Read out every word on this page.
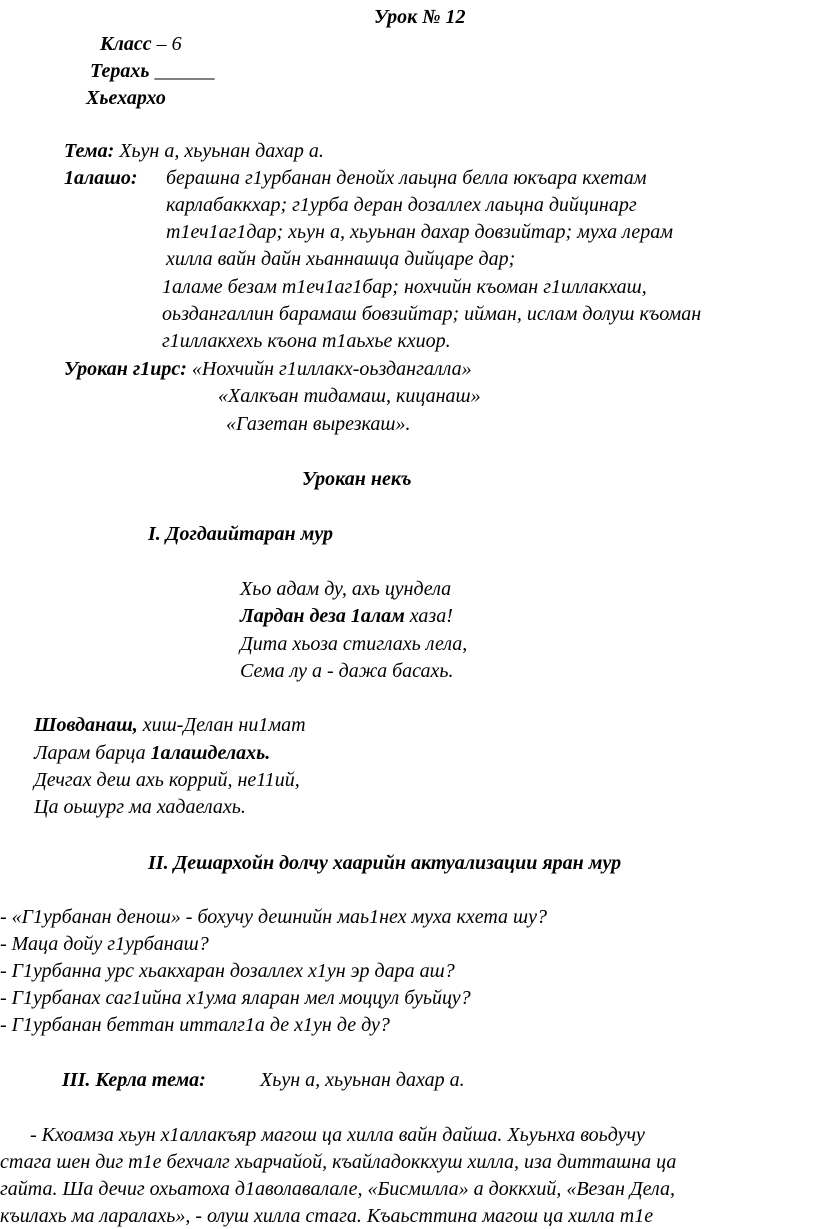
Урок № 12
Класс – 6
Терахь ______
Хьехархо
Тема: Хьун а, хьуьнан дахар а.
1алашо: берашна г1урбанан денойх лаьцна белла юкъара кхетам
карлабаккхар; г1урба деран дозаллех лаьцна дийцинарг
т1еч1аг1дар; хьун а, хьуьнан дахар довзийтар; муха лерам
хилла вайн дайн хьаннашца дийцаре дар;
1аламе безам т1еч1аг1бар; нохчийн къоман г1иллакхаш,
оьздангаллин барамаш бовзийтар; ийман, ислам долуш къоман
г1иллакхехь къона т1аьхье кхиор.
Урокан г1ирс: «Нохчийн г1иллакх-оьздангалла»
«Халкъан тидамаш, кицанаш»
«Газетан вырезкаш».
Урокан некъ
I. Догдаийтаран мур
Хьо адам ду, ахь цундела
Лардан деза 1алам хаза!
Дита хьоза стиглахь лела,
Сема лу а - дажа басахь.
Шовданаш, хиш-Делан ни1мат
Ларам барца 1алашделахь.
Дечгах деш ахь коррий, не11ий,
Ца оьшург ма хадаелахь.
II. Дешархойн долчу хаарийн актуализации яран мур
- «Г1урбанан денош» - бохучу дешнийн маь1нех муха кхета шу?
- Маца дойу г1урбанаш?
- Г1урбанна урс хьакхаран дозаллех х1ун эр дара аш?
- Г1урбанах саг1ийна х1ума яларан мел моццул буьйцу?
- Г1урбанан беттан итталг1а де х1ун де ду?
III. Керла тема:	Хьун а, хьуьнан дахар а.
- Кхоамза хьун х1аллакъяр магош ца хилла вайн дайша. Хьуьнха воьдучу
стага шен диг т1е бехчалг хьарчайой, къайладоккхуш хилла, иза дитташна ца
гайта. Ша дечиг охьатоха д1аволавалале, «Бисмилла» а доккхий, «Везан Дела,
къилахь ма ларалахь», - олуш хилла стага. Къаьсттина магош ца хилла т1е
